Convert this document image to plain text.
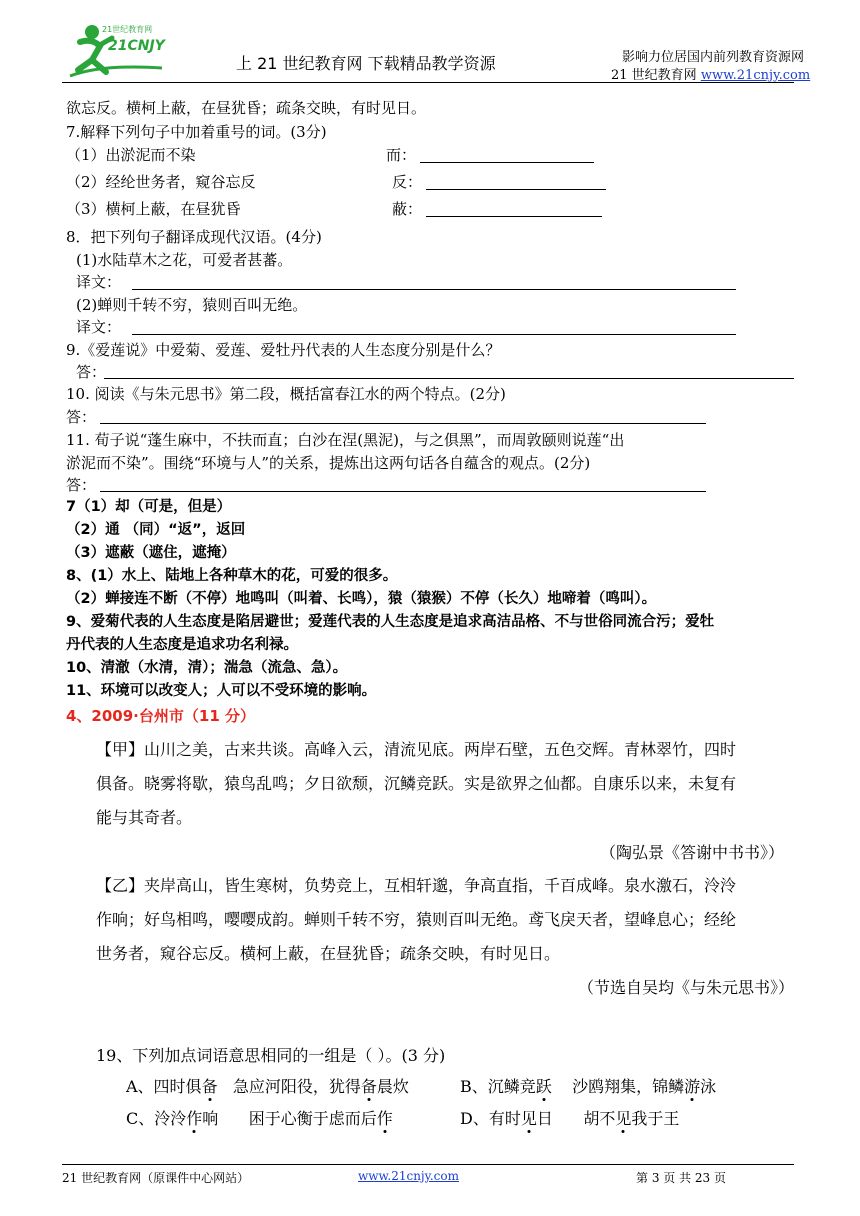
21世纪教育网
21CNJY
上 21 世纪教育网 下载精品教学资源	影响力位居国内前列教育资源网
21 世纪教育网 www.21cnjy.com
欲忘反。横柯上蔽，在昼犹昏；疏条交映，有时见日。
7.解释下列句子中加着重号的词。(3分)
（1）出淤泥而不染	而：
（2）经纶世务者，窥谷忘反	反：
（3）横柯上蔽，在昼犹昏	蔽：
8．把下列句子翻译成现代汉语。(4分)
(1)水陆草木之花，可爱者甚蕃。
译文：
(2)蝉则千转不穷，猿则百叫无绝。
译文：
9.《爱莲说》中爱菊、爱莲、爱牡丹代表的人生态度分别是什么？
答：
10. 阅读《与朱元思书》第二段，概括富春江水的两个特点。(2分)
答：
11. 荀子说“蓬生麻中，不扶而直；白沙在涅(黑泥)，与之俱黑”，而周敦颐则说莲“出
淤泥而不染”。围绕“环境与人”的关系，提炼出这两句话各自蕴含的观点。(2分)
答：
7（1）却（可是，但是）
（2）通 （同）“返”，返回
（3）遮蔽（遮住，遮掩）
8、(1）水上、陆地上各种草木的花，可爱的很多。
（2）蝉接连不断（不停）地鸣叫（叫着、长鸣），猿（猿猴）不停（长久）地啼着（鸣叫）。
9、爱菊代表的人生态度是陷居避世；爱莲代表的人生态度是追求高洁品格、不与世俗同流合污；爱牡
丹代表的人生态度是追求功名利禄。
10、清澈（水清，清）；湍急（流急、急）。
11、环境可以改变人；人可以不受环境的影响。
4、2009·台州市（11 分）
【甲】山川之美，古来共谈。高峰入云，清流见底。两岸石壁，五色交辉。青林翠竹，四时
俱备。晓雾将歇，猿鸟乱鸣；夕日欲颓，沉鳞竞跃。实是欲界之仙都。自康乐以来，未复有
能与其奇者。
（陶弘景《答谢中书书》）
【乙】夹岸高山，皆生寒树，负势竞上，互相轩邈，争高直指，千百成峰。泉水激石，泠泠
作响；好鸟相鸣，嘤嘤成韵。蝉则千转不穷，猿则百叫无绝。鸢飞戾天者，望峰息心；经纶
世务者，窥谷忘反。横柯上蔽，在昼犹昏；疏条交映，有时见日。
（节选自吴均《与朱元思书》）
19、下列加点词语意思相同的一组是（ ）。(3 分)
A、四时俱备   急应河阳役，犹得备晨炊	B、沉鳞竞跃    沙鸥翔集，锦鳞游泳
C、泠泠作响      困于心衡于虑而后作	D、有时见日      胡不见我于王
21 世纪教育网（原课件中心网站）	www.21cnjy.com	第 3 页 共 23 页
